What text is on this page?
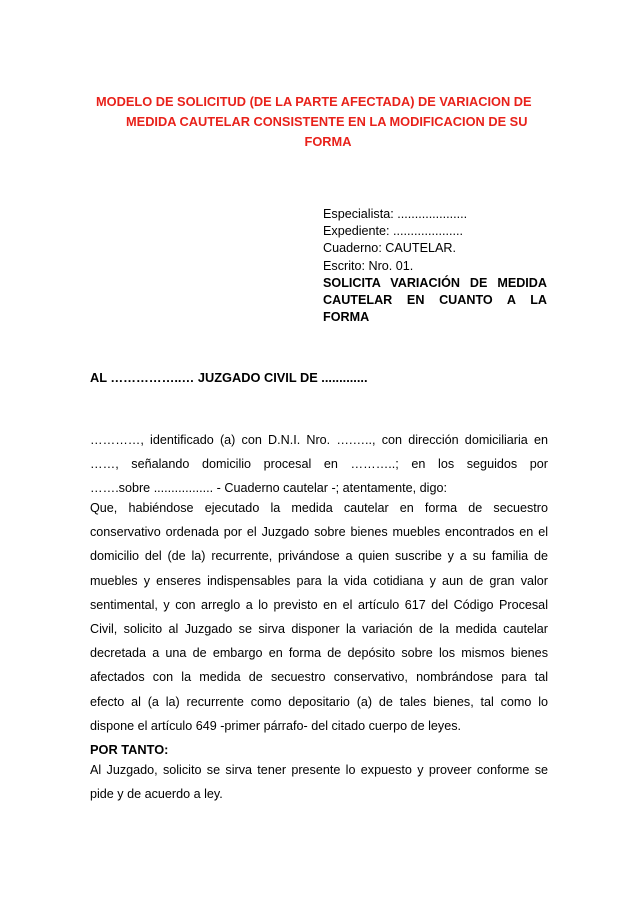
MODELO DE SOLICITUD (DE LA PARTE AFECTADA) DE VARIACION DE
MEDIDA CAUTELAR CONSISTENTE EN LA MODIFICACION DE SU
FORMA
Especialista: ....................
Expediente: ....................
Cuaderno: CAUTELAR.
Escrito: Nro. 01.
SOLICITA VARIACIÓN DE MEDIDA
CAUTELAR EN CUANTO A LA
FORMA
AL ……………..… JUZGADO CIVIL DE .............
…………, identificado (a) con D.N.I. Nro. ….….., con dirección domiciliaria en
……, señalando domicilio procesal en ………..; en los seguidos por
…….sobre ................. - Cuaderno cautelar -; atentamente, digo:
Que, habiéndose ejecutado la medida cautelar en forma de secuestro
conservativo ordenada por el Juzgado sobre bienes muebles encontrados en el
domicilio del (de la) recurrente, privándose a quien suscribe y a su familia de
muebles y enseres indispensables para la vida cotidiana y aun de gran valor
sentimental, y con arreglo a lo previsto en el artículo 617 del Código Procesal
Civil, solicito al Juzgado se sirva disponer la variación de la medida cautelar
decretada a una de embargo en forma de depósito sobre los mismos bienes
afectados con la medida de secuestro conservativo, nombrándose para tal
efecto al (a la) recurrente como depositario (a) de tales bienes, tal como lo
dispone el artículo 649 -primer párrafo- del citado cuerpo de leyes.
POR TANTO:
Al Juzgado, solicito se sirva tener presente lo expuesto y proveer conforme se
pide y de acuerdo a ley.
